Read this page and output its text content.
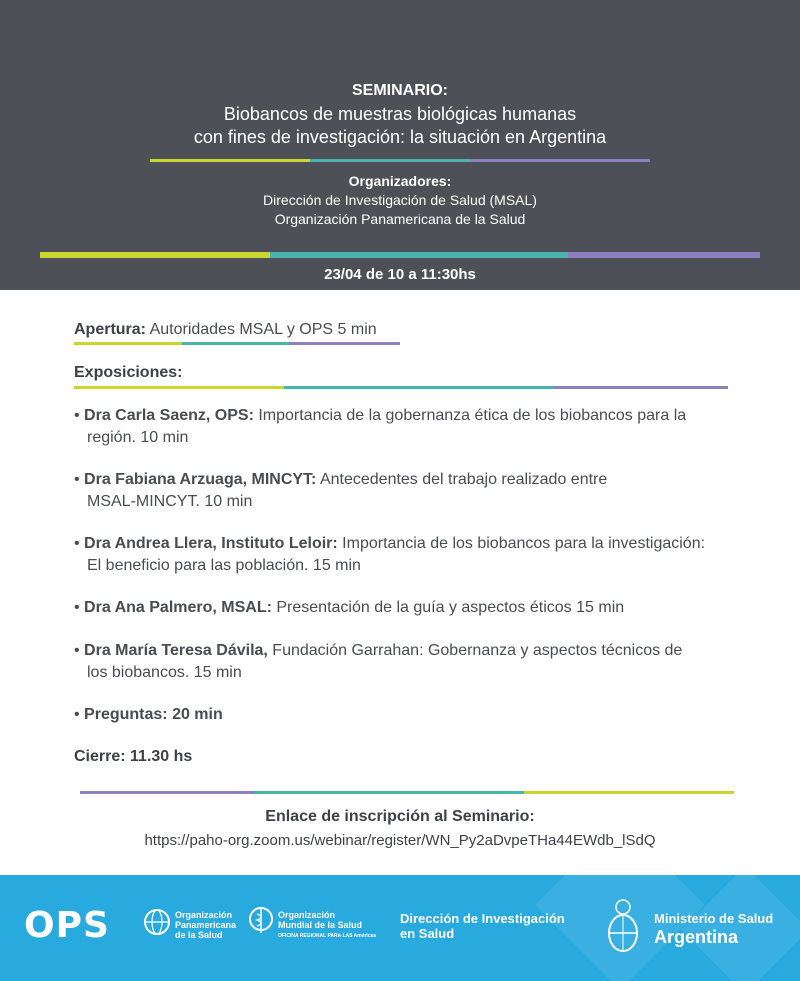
SEMINARIO:
Biobancos de muestras biológicas humanas
con fines de investigación: la situación en Argentina
Organizadores:
Dirección de Investigación de Salud (MSAL)
Organización Panamericana de la Salud
23/04 de 10 a 11:30hs
Apertura: Autoridades MSAL y OPS 5 min
Exposiciones:
• Dra Carla Saenz, OPS: Importancia de la gobernanza ética de los biobancos para la
región. 10 min
• Dra Fabiana Arzuaga, MINCYT: Antecedentes del trabajo realizado entre
MSAL-MINCYT. 10 min
• Dra Andrea Llera, Instituto Leloir: Importancia de los biobancos para la investigación:
El beneficio para las población. 15 min
• Dra Ana Palmero, MSAL: Presentación de la guía y aspectos éticos 15 min
• Dra María Teresa Dávila, Fundación Garrahan: Gobernanza y aspectos técnicos de
los biobancos. 15 min
• Preguntas: 20 min
Cierre: 11.30 hs
Enlace de inscripción al Seminario:
https://paho-org.zoom.us/webinar/register/WN_Py2aDvpeTHa44EWdb_lSdQ
OPS	Organización
Panamericana
de la Salud
Organización
Mundial de la Salud
OFICINA REGIONAL PARA LAS Américas
Dirección de Investigación
en Salud
Ministerio de Salud
Argentina
